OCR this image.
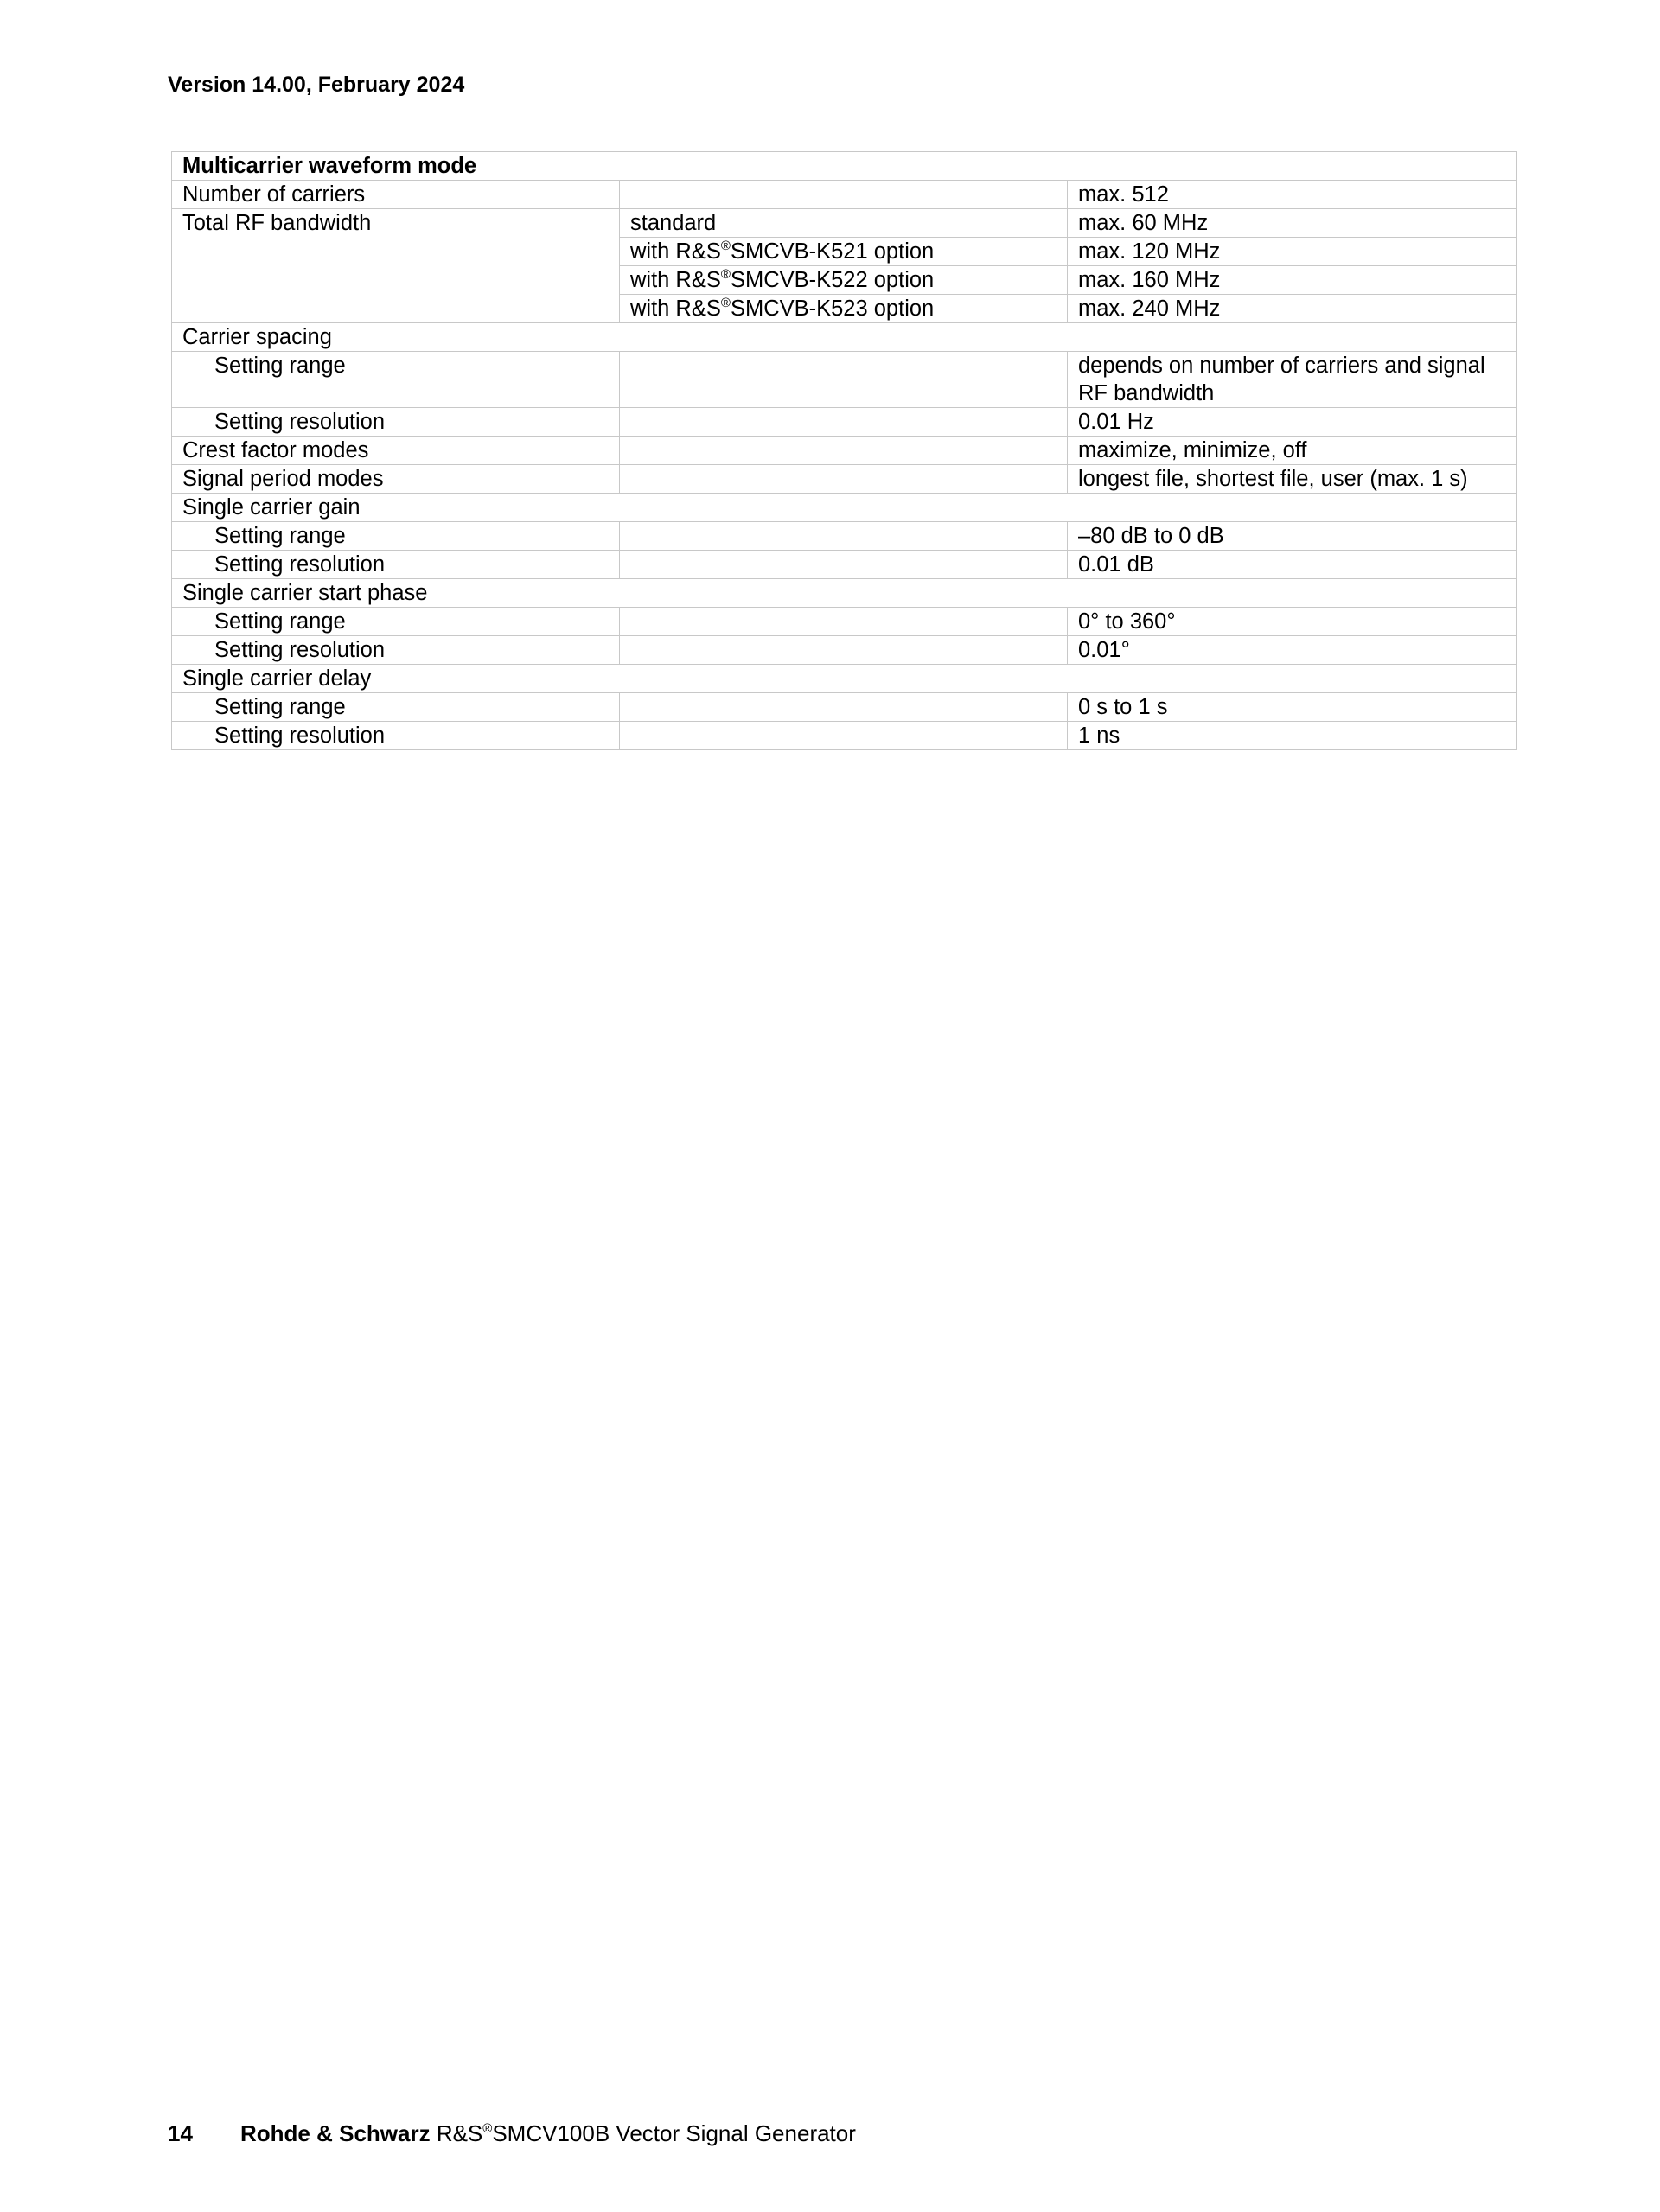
Version 14.00, February 2024
Multicarrier waveform mode		
Number of carriers		max. 512
Total RF bandwidth	standard	max. 60 MHz
	with R&S®SMCVB-K521 option	max. 120 MHz
	with R&S®SMCVB-K522 option	max. 160 MHz
	with R&S®SMCVB-K523 option	max. 240 MHz
Carrier spacing		
Setting range		depends on number of carriers and signal RF bandwidth
Setting resolution		0.01 Hz
Crest factor modes		maximize, minimize, off
Signal period modes		longest file, shortest file, user (max. 1 s)
Single carrier gain		
Setting range		–80 dB to 0 dB
Setting resolution		0.01 dB
Single carrier start phase		
Setting range		0° to 360°
Setting resolution		0.01°
Single carrier delay		
Setting range		0 s to 1 s
Setting resolution		1 ns
14 Rohde & Schwarz R&S®SMCV100B Vector Signal Generator
